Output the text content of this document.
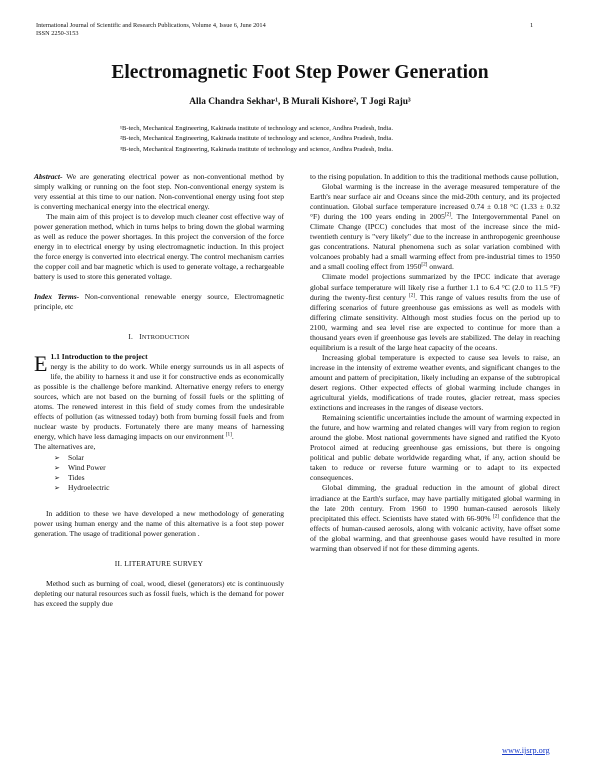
International Journal of Scientific and Research Publications, Volume 4, Issue 6, June 2014
ISSN 2250-3153
1
Electromagnetic Foot Step Power Generation
Alla Chandra Sekhar¹, B Murali Kishore², T Jogi Raju³
¹B-tech, Mechanical Engineering, Kakinada institute of technology and science, Andhra Pradesh, India.
²B-tech, Mechanical Engineering, Kakinada institute of technology and science, Andhra Pradesh, India.
³B-tech, Mechanical Engineering, Kakinada institute of technology and science, Andhra Pradesh, India.

Abstract- We are generating electrical power as non-conventional method by simply walking or running on the foot step. Non-conventional energy system is very essential at this time to our nation. Non-conventional energy using foot step is converting mechanical energy into the electrical energy.

The main aim of this project is to develop much cleaner cost effective way of power generation method, which in turns helps to bring down the global warming as well as reduce the power shortages. In this project the conversion of the force energy in to electrical energy by using electromagnetic induction. In this project the force energy is converted into electrical energy. The control mechanism carries the copper coil and bar magnetic which is used to generate voltage, a rechargeable battery is used to store this generated voltage.

Index Terms- Non-conventional renewable energy source, Electromagnetic principle, etc

I. INTRODUCTION

E 1.1 Introduction to the project
nergy is the ability to do work. While energy surrounds us in all aspects of life, the ability to harness it and use it for constructive ends as economically as possible is the challenge before mankind. Alternative energy refers to energy sources, which are not based on the burning of fossil fuels or the splitting of atoms. The renewed interest in this field of study comes from the undesirable effects of pollution (as witnessed today) both from burning fossil fuels and from nuclear waste by products. Fortunately there are many means of harnessing energy, which have less damaging impacts on our environment [1].

The alternatives are,

➢ Solar
➢ Wind Power
➢ Tides
➢ Hydroelectric

In addition to these we have developed a new methodology of generating power using human energy and the name of this alternative is a foot step power generation. The usage of traditional power generation .

II. LITERATURE SURVEY

Method such as burning of coal, wood, diesel (generators) etc is continuously depleting our natural resources such as fossil fuels, which is the demand for power has exceed the supply due

to the rising population. In addition to this the traditional methods cause pollution,

Global warming is the increase in the average measured temperature of the Earth's near surface air and Oceans since the mid-20th century, and its projected continuation. Global surface temperature increased 0.74 ± 0.18 °C (1.33 ± 0.32 °F) during the 100 years ending in 2005[2]. The Intergovernmental Panel on Climate Change (IPCC) concludes that most of the increase since the mid-twentieth century is "very likely" due to the increase in anthropogenic greenhouse gas concentrations. Natural phenomena such as solar variation combined with volcanoes probably had a small warming effect from pre-industrial times to 1950 and a small cooling effect from 1950[2] onward.

Climate model projections summarized by the IPCC indicate that average global surface temperature will likely rise a further 1.1 to 6.4 °C (2.0 to 11.5 °F) during the twenty-first century [2]. This range of values results from the use of differing scenarios of future greenhouse gas emissions as well as models with differing climate sensitivity. Although most studies focus on the period up to 2100, warming and sea level rise are expected to continue for more than a thousand years even if greenhouse gas levels are stabilized. The delay in reaching equilibrium is a result of the large heat capacity of the oceans.

Increasing global temperature is expected to cause sea levels to raise, an increase in the intensity of extreme weather events, and significant changes to the amount and pattern of precipitation, likely including an expanse of the subtropical desert regions. Other expected effects of global warming include changes in agricultural yields, modifications of trade routes, glacier retreat, mass species extinctions and increases in the ranges of disease vectors.

Remaining scientific uncertainties include the amount of warming expected in the future, and how warming and related changes will vary from region to region around the globe. Most national governments have signed and ratified the Kyoto Protocol aimed at reducing greenhouse gas emissions, but there is ongoing political and public debate worldwide regarding what, if any, action should be taken to reduce or reverse future warming or to adapt to its expected consequences.

Global dimming, the gradual reduction in the amount of global direct irradiance at the Earth's surface, may have partially mitigated global warming in the late 20th century. From 1960 to 1990 human-caused aerosols likely precipitated this effect. Scientists have stated with 66-90% [2] confidence that the effects of human-caused aerosols, along with volcanic activity, have offset some of the global warming, and that greenhouse gases would have resulted in more warming than observed if not for these dimming agents.

www.ijsrp.org
